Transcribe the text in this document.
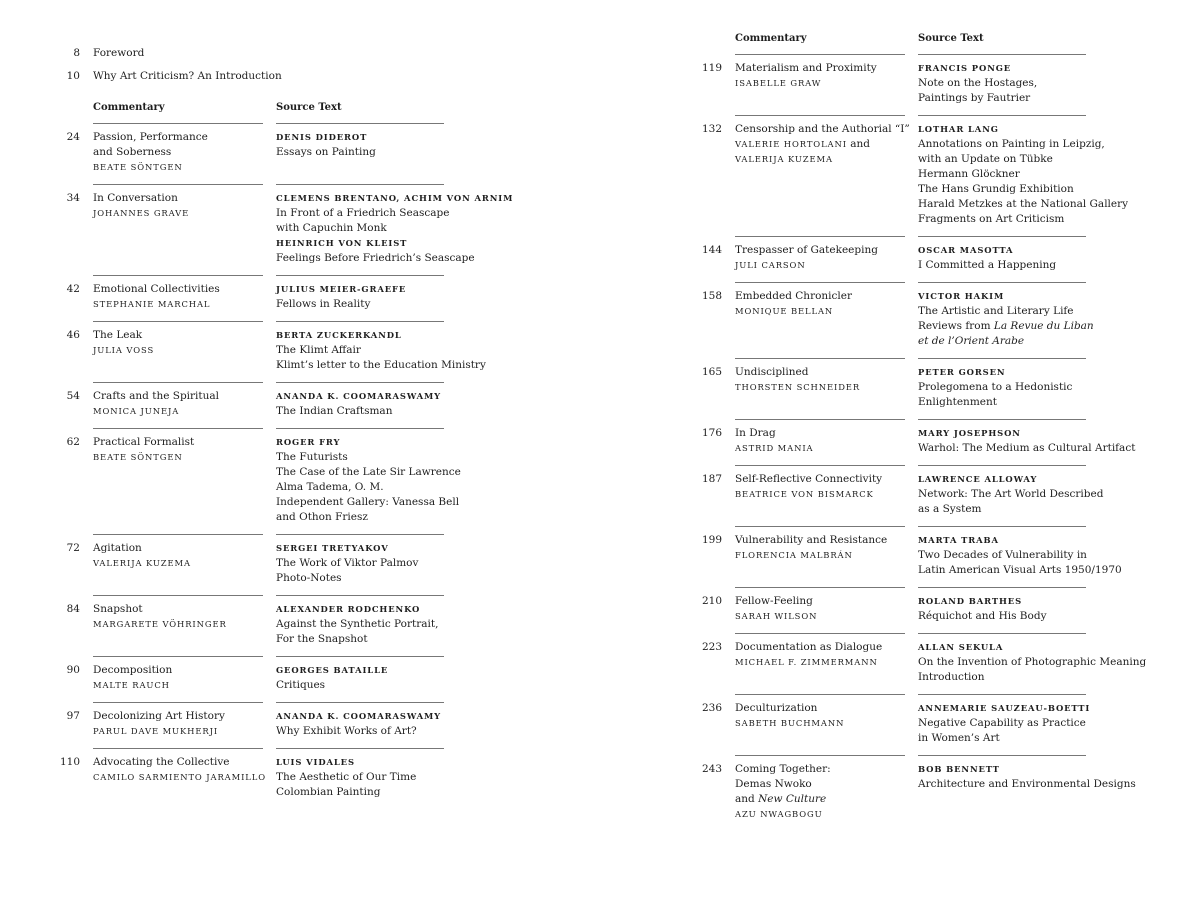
8 Foreword
10 Why Art Criticism? An Introduction
Commentary	Source Text
24 Passion, Performance
and Soberness
BEATE SÖNTGEN
DENIS DIDEROT
Essays on Painting
34 In Conversation
JOHANNES GRAVE
CLEMENS BRENTANO, ACHIM VON ARNIM
In Front of a Friedrich Seascape
with Capuchin Monk
HEINRICH VON KLEIST
Feelings Before Friedrich’s Seascape
42 Emotional Collectivities
STEPHANIE MARCHAL
JULIUS MEIER-GRAEFE
Fellows in Reality
46 The Leak
JULIA VOSS
BERTA ZUCKERKANDL
The Klimt Affair
Klimt’s letter to the Education Ministry
54 Crafts and the Spiritual
MONICA JUNEJA
ANANDA K. COOMARASWAMY
The Indian Craftsman
62 Practical Formalist
BEATE SÖNTGEN
ROGER FRY
The Futurists
The Case of the Late Sir Lawrence
Alma Tadema, O. M.
Independent Gallery: Vanessa Bell
and Othon Friesz
72 Agitation
VALERIJA KUZEMA
SERGEI TRETYAKOV
The Work of Viktor Palmov
Photo-Notes
84 Snapshot
MARGARETE VÖHRINGER
ALEXANDER RODCHENKO
Against the Synthetic Portrait,
For the Snapshot
90 Decomposition
MALTE RAUCH
GEORGES BATAILLE
Critiques
97 Decolonizing Art History
PARUL DAVE MUKHERJI
ANANDA K. COOMARASWAMY
Why Exhibit Works of Art?
110 Advocating the Collective
CAMILO SARMIENTO JARAMILLO
LUIS VIDALES
The Aesthetic of Our Time
Colombian Painting
Commentary	Source Text
119 Materialism and Proximity
ISABELLE GRAW
FRANCIS PONGE
Note on the Hostages,
Paintings by Fautrier
132 Censorship and the Authorial “I”
VALERIE HORTOLANI and
VALERIJA KUZEMA
LOTHAR LANG
Annotations on Painting in Leipzig,
with an Update on Tübke
Hermann Glöckner
The Hans Grundig Exhibition
Harald Metzkes at the National Gallery
Fragments on Art Criticism
144 Trespasser of Gatekeeping
JULI CARSON
OSCAR MASOTTA
I Committed a Happening
158 Embedded Chronicler
MONIQUE BELLAN
VICTOR HAKIM
The Artistic and Literary Life
Reviews from La Revue du Liban
et de l’Orient Arabe
165 Undisciplined
THORSTEN SCHNEIDER
PETER GORSEN
Prolegomena to a Hedonistic
Enlightenment
176 In Drag
ASTRID MANIA
MARY JOSEPHSON
Warhol: The Medium as Cultural Artifact
187 Self-Reflective Connectivity
BEATRICE VON BISMARCK
LAWRENCE ALLOWAY
Network: The Art World Described
as a System
199 Vulnerability and Resistance
FLORENCIA MALBRÁN
MARTA TRABA
Two Decades of Vulnerability in
Latin American Visual Arts 1950/1970
210 Fellow-Feeling
SARAH WILSON
ROLAND BARTHES
Réquichot and His Body
223 Documentation as Dialogue
MICHAEL F. ZIMMERMANN
ALLAN SEKULA
On the Invention of Photographic Meaning
Introduction
236 Deculturization
SABETH BUCHMANN
ANNEMARIE SAUZEAU-BOETTI
Negative Capability as Practice
in Women’s Art
243 Coming Together:
Demas Nwoko
and New Culture
AZU NWAGBOGU
BOB BENNETT
Architecture and Environmental Designs
